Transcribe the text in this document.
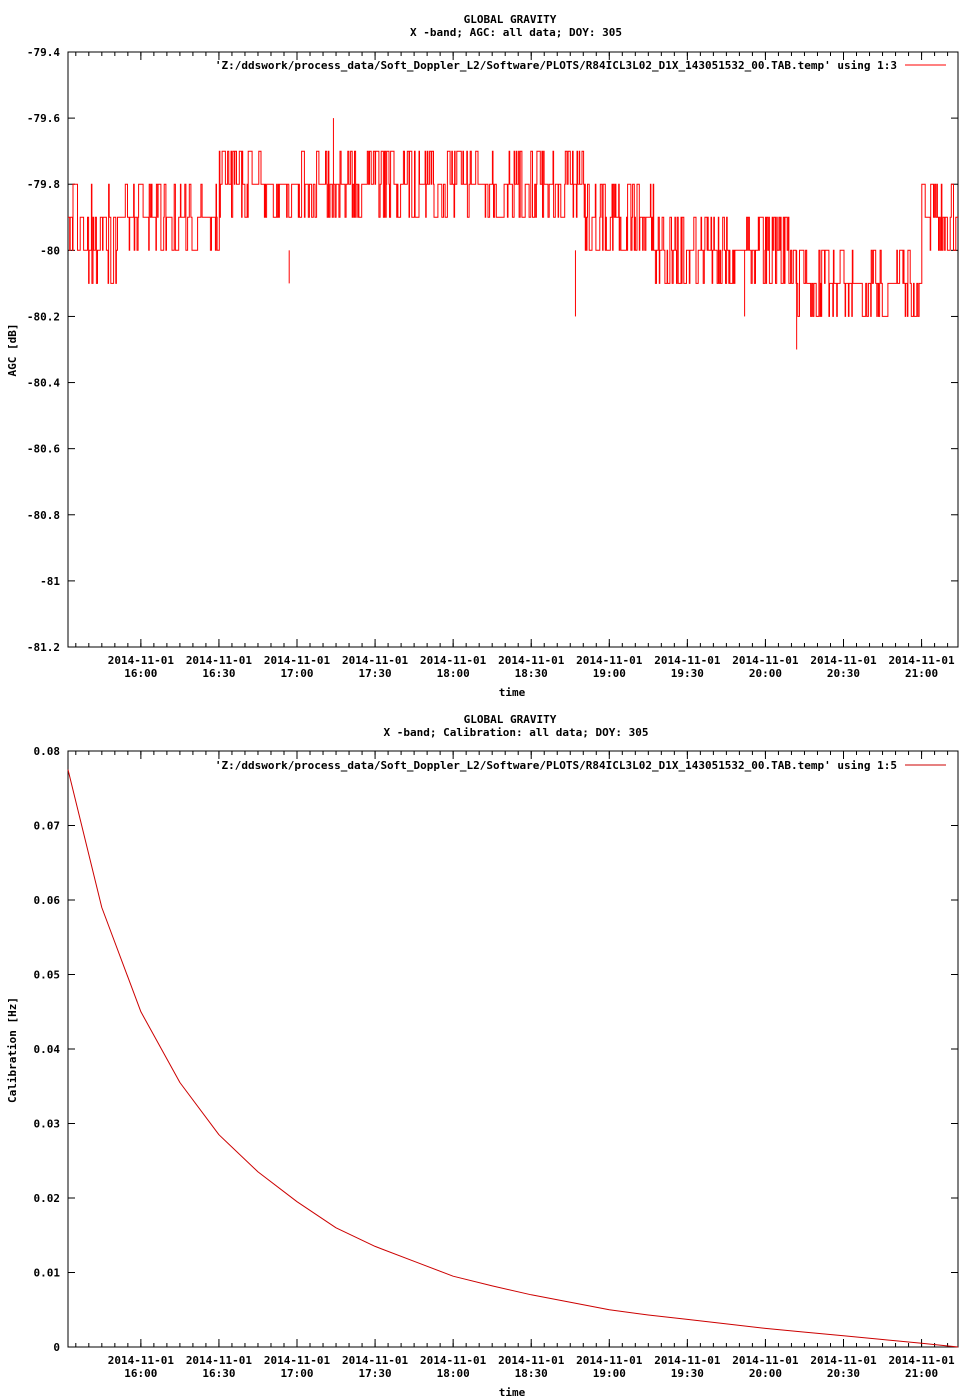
GLOBAL GRAVITY
X -band; AGC: all data; DOY: 305
-79.4
-79.6
-79.8
-80
-80.2
-80.4
-80.6
-80.8
-81
-81.2
2014-11-01
16:00
2014-11-01
16:30
2014-11-01
17:00
2014-11-01
17:30
2014-11-01
18:00
2014-11-01
18:30
2014-11-01
19:00
2014-11-01
19:30
2014-11-01
20:00
2014-11-01
20:30
2014-11-01
21:00
'Z:/ddswork/process_data/Soft_Doppler_L2/Software/PLOTS/R84ICL3L02_D1X_143051532_00.TAB.temp' using 1:3
AGC [dB]
time
GLOBAL GRAVITY
X -band; Calibration: all data; DOY: 305
0.08
0.07
0.06
0.05
0.04
0.03
0.02
0.01
0
2014-11-01
16:00
2014-11-01
16:30
2014-11-01
17:00
2014-11-01
17:30
2014-11-01
18:00
2014-11-01
18:30
2014-11-01
19:00
2014-11-01
19:30
2014-11-01
20:00
2014-11-01
20:30
2014-11-01
21:00
'Z:/ddswork/process_data/Soft_Doppler_L2/Software/PLOTS/R84ICL3L02_D1X_143051532_00.TAB.temp' using 1:5
Calibration [Hz]
time
